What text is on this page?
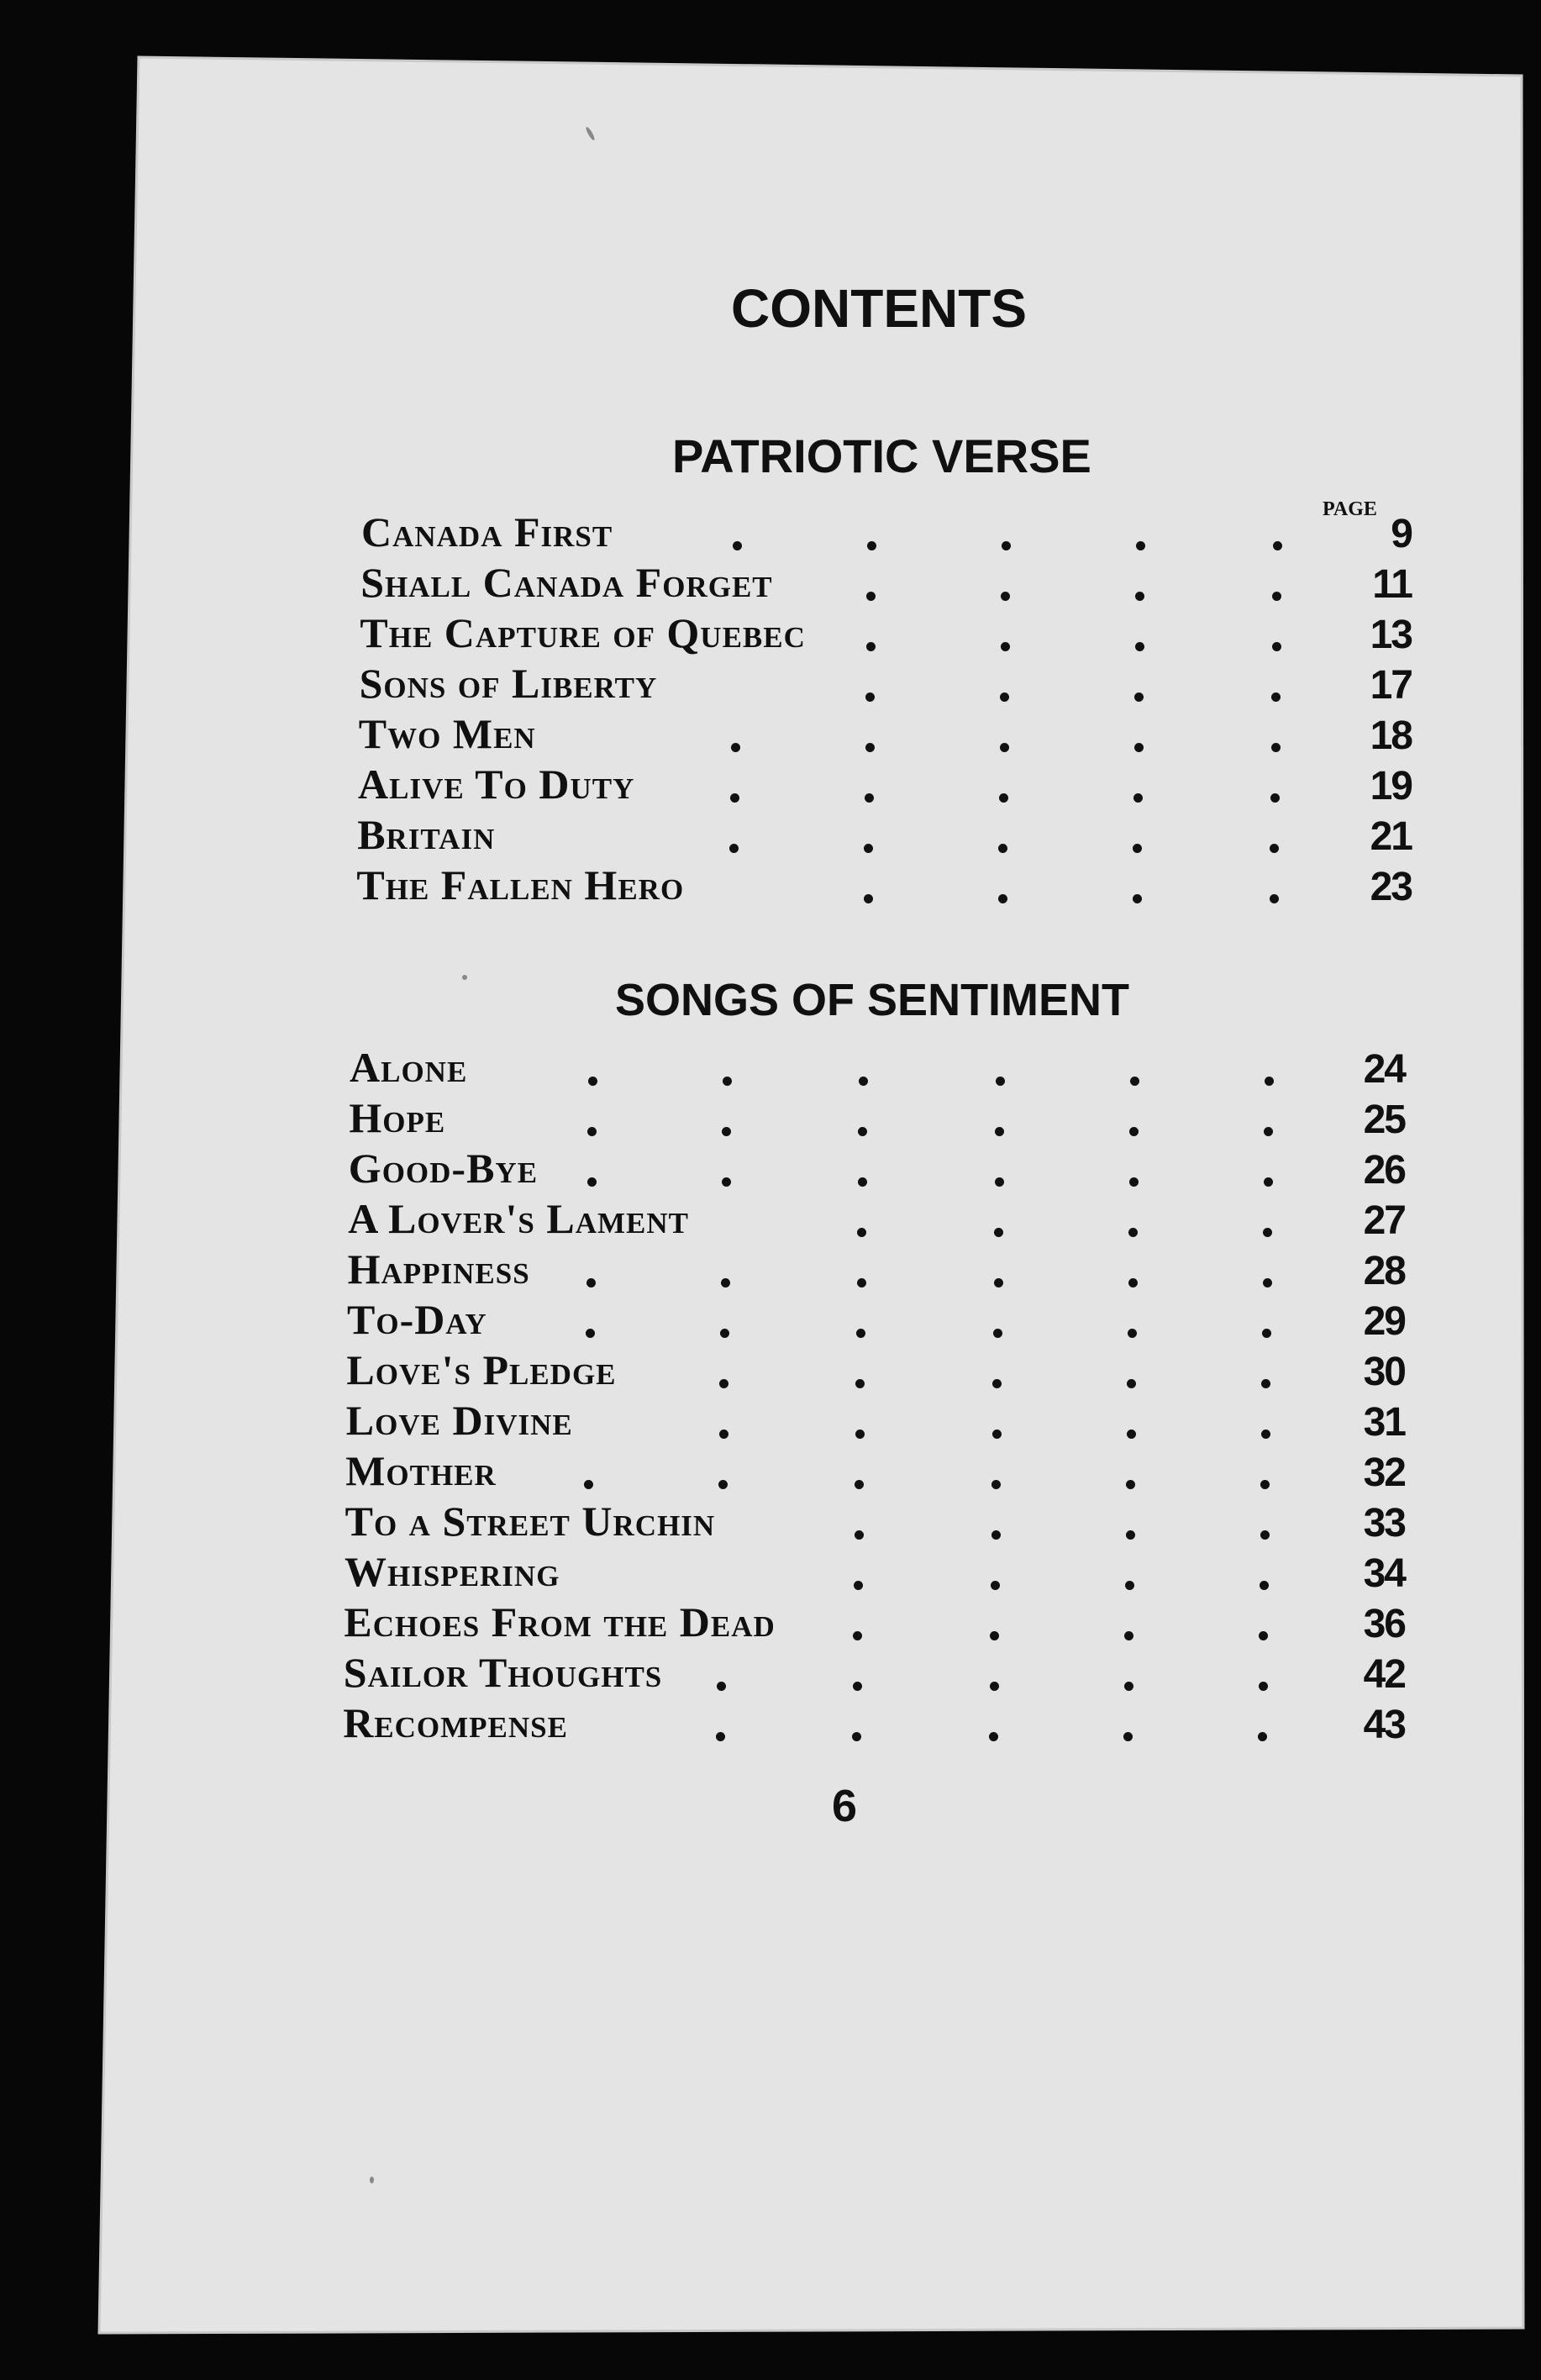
CONTENTS
PATRIOTIC VERSE
PAGE
Canada First	9
Shall Canada Forget	11
The Capture of Quebec	13
Sons of Liberty	17
Two Men	18
Alive To Duty	19
Britain	21
The Fallen Hero	23
SONGS OF SENTIMENT
Alone	24
Hope	25
Good-Bye	26
A Lover's Lament	27
Happiness	28
To-Day	29
Love's Pledge	30
Love Divine	31
Mother	32
To a Street Urchin	33
Whispering	34
Echoes From the Dead	36
Sailor Thoughts	42
Recompense	43
6
